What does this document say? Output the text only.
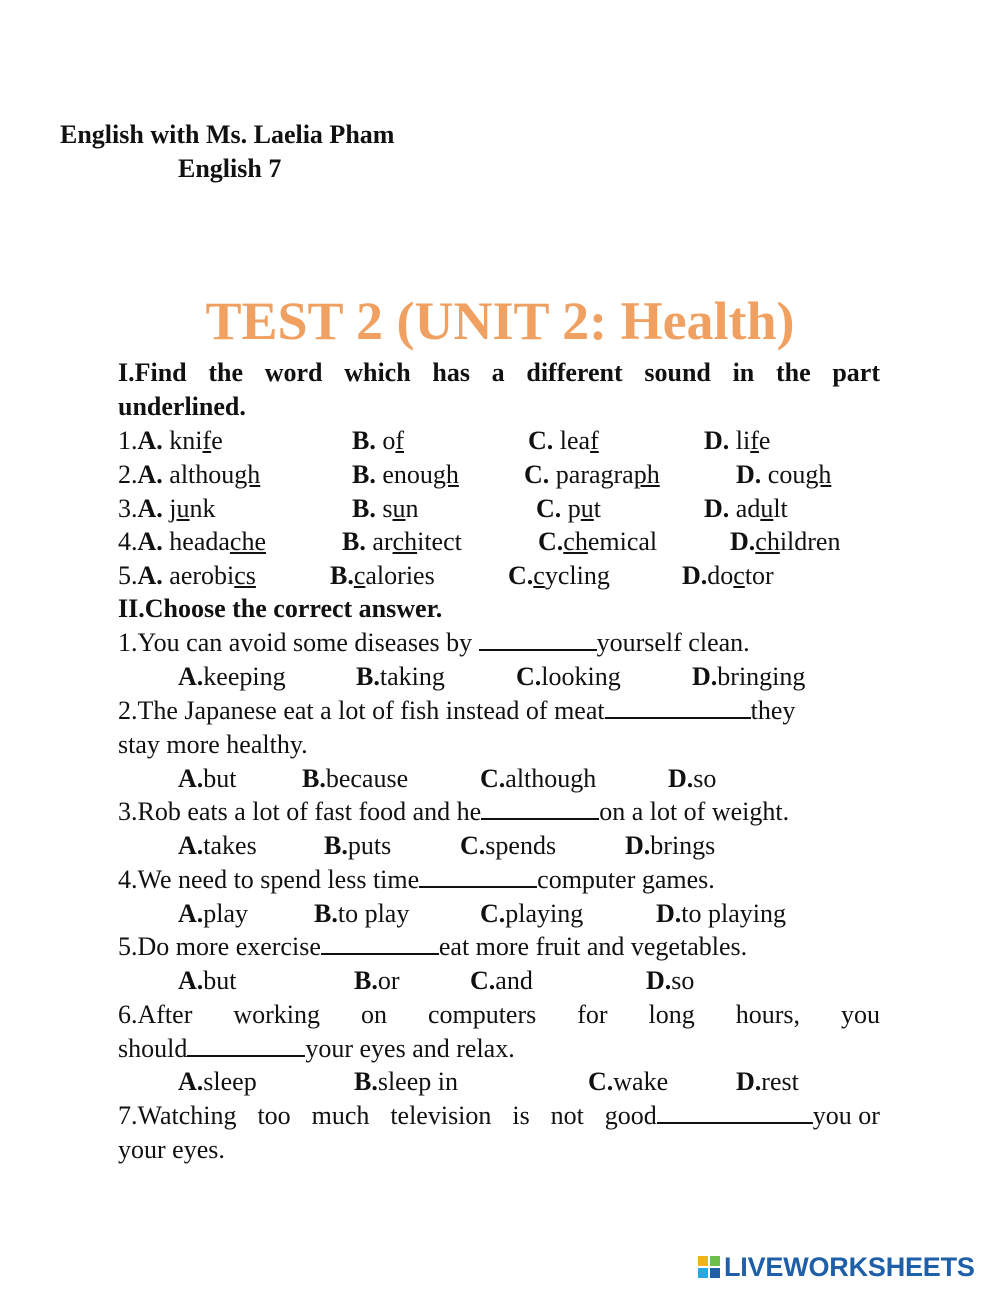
English with Ms. Laelia Pham
English 7
TEST 2 (UNIT 2: Health)
I.Find the word which has a different sound in the part
underlined.
1.A. knife	B. of	C. leaf	D. life
2.A. although	B. enough	C. paragraph	D. cough
3.A. junk	B. sun	C. put	D. adult
4.A. headache	B. architect	C.chemical	D.children
5.A. aerobics	B.calories	C.cycling	D.doctor
II.Choose the correct answer.
1.You can avoid some diseases by	yourself clean.
A.keeping	B.taking	C.looking	D.bringing
2.The Japanese eat a lot of fish instead of meat	they
stay more healthy.
A.but	B.because	C.although	D.so
3.Rob eats a lot of fast food and he	on a lot of weight.
A.takes	B.puts	C.spends	D.brings
4.We need to spend less time	computer games.
A.play	B.to play	C.playing	D.to playing
5.Do more exercise	eat more fruit and vegetables.
A.but	B.or	C.and	D.so
6.After working on computers for long hours, you
should	your eyes and relax.
A.sleep	B.sleep in	C.wake	D.rest
7.Watching too much television is not good	you or
your eyes.
LIVEWORKSHEETS
